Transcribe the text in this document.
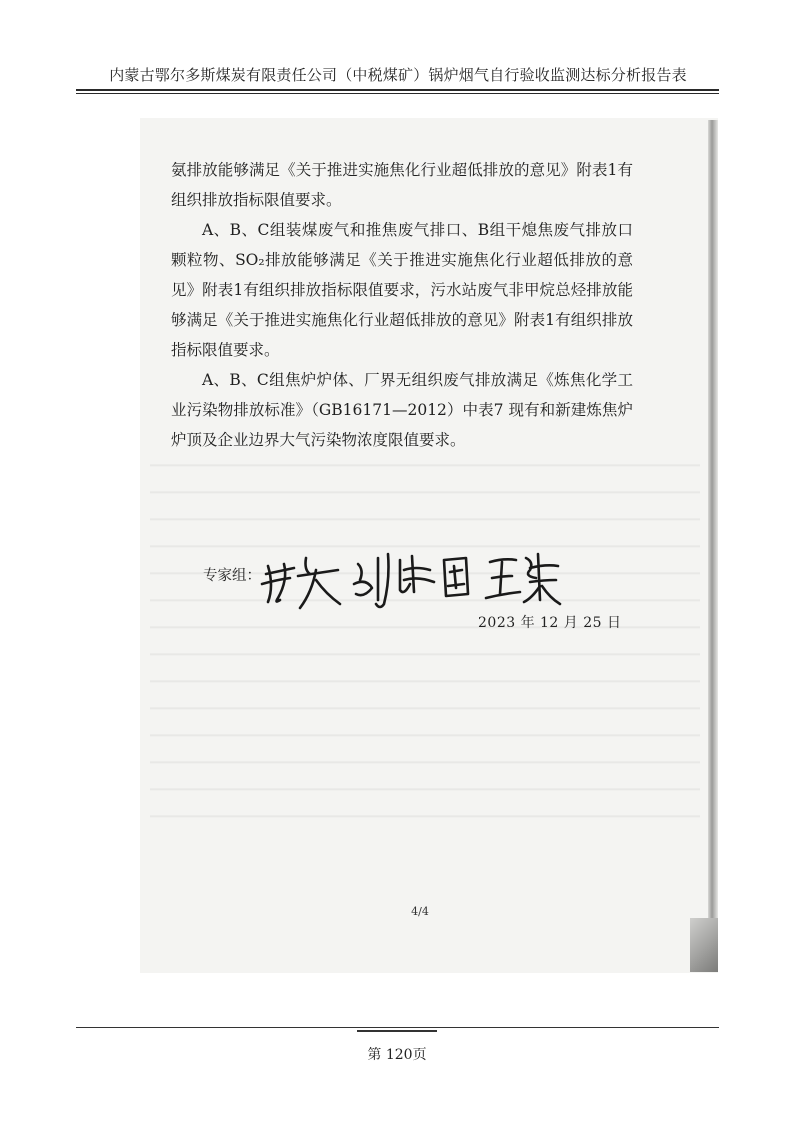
内蒙古鄂尔多斯煤炭有限责任公司（中税煤矿）锅炉烟气自行验收监测达标分析报告表

氨排放能够满足《关于推进实施焦化行业超低排放的意见》附表1有组织排放指标限值要求。

A、B、C组装煤废气和推焦废气排口、B组干熄焦废气排放口颗粒物、SO₂排放能够满足《关于推进实施焦化行业超低排放的意见》附表1有组织排放指标限值要求，污水站废气非甲烷总烃排放能够满足《关于推进实施焦化行业超低排放的意见》附表1有组织排放指标限值要求。

A、B、C组焦炉炉体、厂界无组织废气排放满足《炼焦化学工业污染物排放标准》（GB16171—2012）中表7 现有和新建炼焦炉炉顶及企业边界大气污染物浓度限值要求。

专家组：
2023 年 12 月 25 日
4/4
第 120页
